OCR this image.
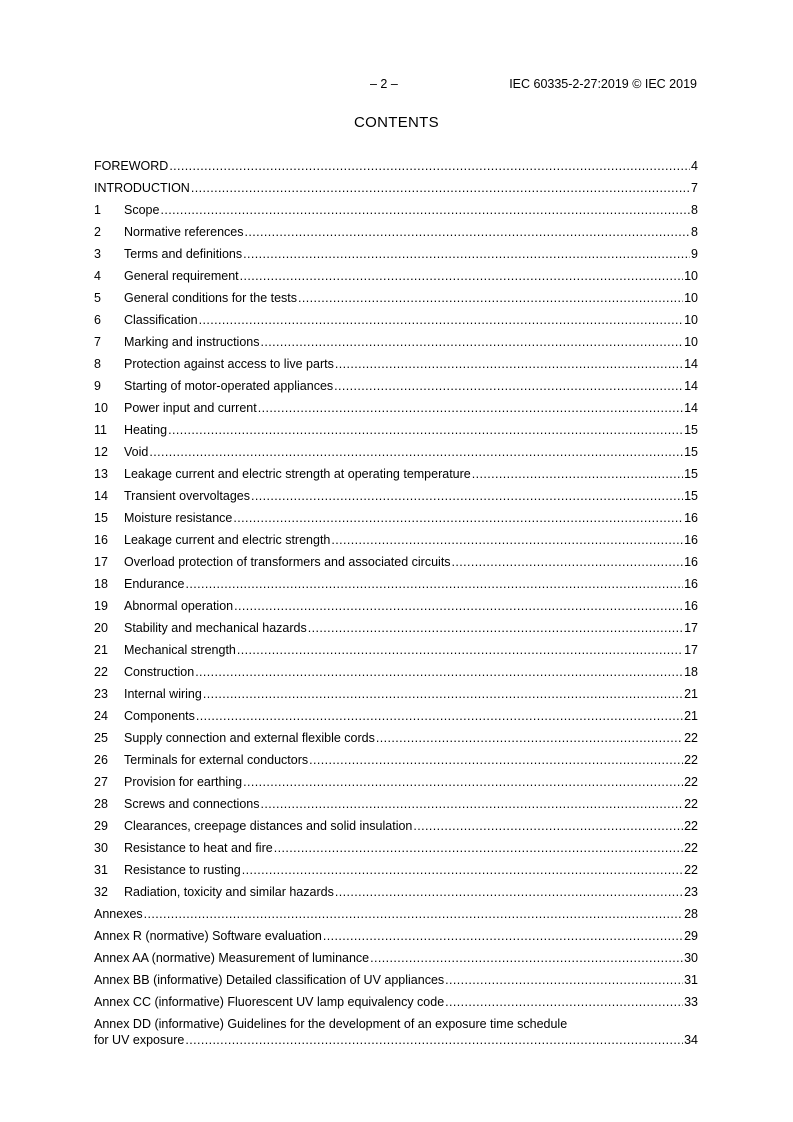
– 2 –	IEC 60335-2-27:2019 © IEC 2019
CONTENTS
FOREWORD .....	4
INTRODUCTION .....	7
1	Scope .....	8
2	Normative references .....	8
3	Terms and definitions .....	9
4	General requirement .....	10
5	General conditions for the tests .....	10
6	Classification .....	10
7	Marking and instructions .....	10
8	Protection against access to live parts .....	14
9	Starting of motor-operated appliances .....	14
10	Power input and current .....	14
11	Heating .....	15
12	Void .....	15
13	Leakage current and electric strength at operating temperature .....	15
14	Transient overvoltages .....	15
15	Moisture resistance .....	16
16	Leakage current and electric strength .....	16
17	Overload protection of transformers and associated circuits .....	16
18	Endurance .....	16
19	Abnormal operation .....	16
20	Stability and mechanical hazards .....	17
21	Mechanical strength .....	17
22	Construction .....	18
23	Internal wiring .....	21
24	Components .....	21
25	Supply connection and external flexible cords .....	22
26	Terminals for external conductors .....	22
27	Provision for earthing .....	22
28	Screws and connections .....	22
29	Clearances, creepage distances and solid insulation .....	22
30	Resistance to heat and fire .....	22
31	Resistance to rusting .....	22
32	Radiation, toxicity and similar hazards .....	23
Annexes .....	28
Annex R (normative) Software evaluation .....	29
Annex AA (normative) Measurement of luminance .....	30
Annex BB (informative) Detailed classification of UV appliances .....	31
Annex CC (informative) Fluorescent UV lamp equivalency code .....	33
Annex DD (informative) Guidelines for the development of an exposure time schedule
for UV exposure .....	34
